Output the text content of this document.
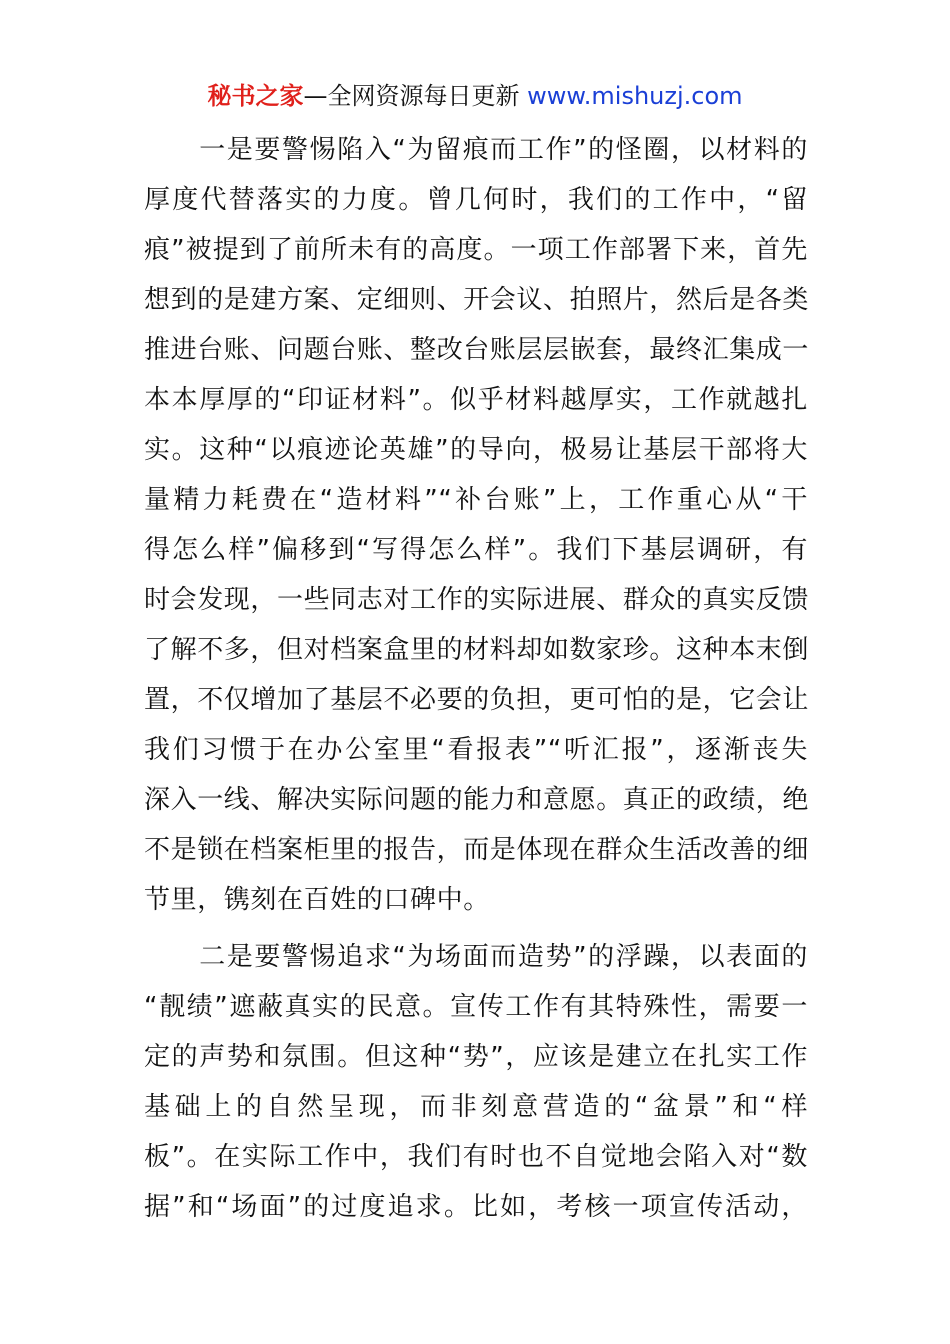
秘书之家—全网资源每日更新 www.mishuzj.com
　　一是要警惕陷入“为留痕而工作”的怪圈，以材料的
厚度代替落实的力度。曾几何时，我们的工作中，“留
痕”被提到了前所未有的高度。一项工作部署下来，首先
想到的是建方案、定细则、开会议、拍照片，然后是各类
推进台账、问题台账、整改台账层层嵌套，最终汇集成一
本本厚厚的“印证材料”。似乎材料越厚实，工作就越扎
实。这种“以痕迹论英雄”的导向，极易让基层干部将大
量精力耗费在“造材料”“补台账”上，工作重心从“干
得怎么样”偏移到“写得怎么样”。我们下基层调研，有
时会发现，一些同志对工作的实际进展、群众的真实反馈
了解不多，但对档案盒里的材料却如数家珍。这种本末倒
置，不仅增加了基层不必要的负担，更可怕的是，它会让
我们习惯于在办公室里“看报表”“听汇报”，逐渐丧失
深入一线、解决实际问题的能力和意愿。真正的政绩，绝
不是锁在档案柜里的报告，而是体现在群众生活改善的细
节里，镌刻在百姓的口碑中。
　　二是要警惕追求“为场面而造势”的浮躁，以表面的
“靓绩”遮蔽真实的民意。宣传工作有其特殊性，需要一
定的声势和氛围。但这种“势”，应该是建立在扎实工作
基础上的自然呈现，而非刻意营造的“盆景”和“样
板”。在实际工作中，我们有时也不自觉地会陷入对“数
据”和“场面”的过度追求。比如，考核一项宣传活动，
